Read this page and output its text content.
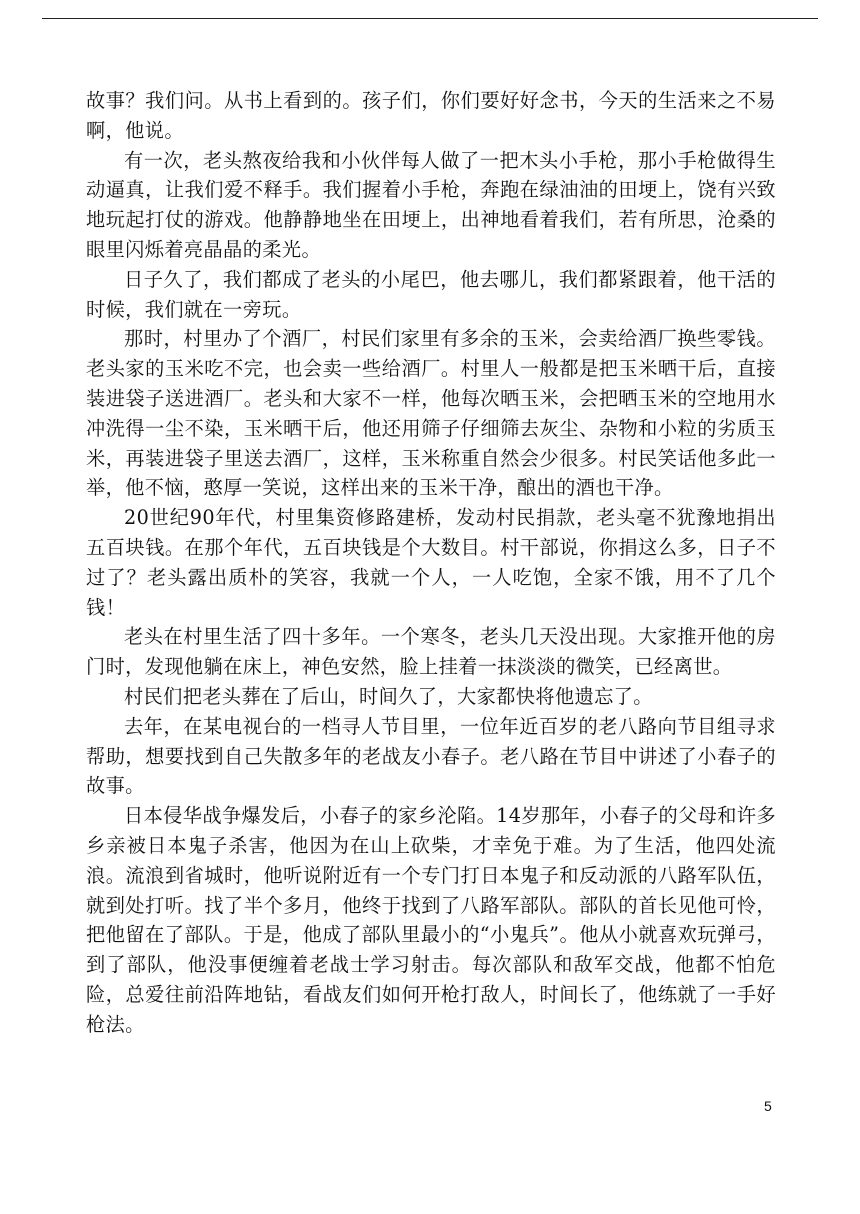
故事？我们问。从书上看到的。孩子们，你们要好好念书，今天的生活来之不易啊，他说。

有一次，老头熬夜给我和小伙伴每人做了一把木头小手枪，那小手枪做得生动逼真，让我们爱不释手。我们握着小手枪，奔跑在绿油油的田埂上，饶有兴致地玩起打仗的游戏。他静静地坐在田埂上，出神地看着我们，若有所思，沧桑的眼里闪烁着亮晶晶的柔光。

日子久了，我们都成了老头的小尾巴，他去哪儿，我们都紧跟着，他干活的时候，我们就在一旁玩。

那时，村里办了个酒厂，村民们家里有多余的玉米，会卖给酒厂换些零钱。老头家的玉米吃不完，也会卖一些给酒厂。村里人一般都是把玉米晒干后，直接装进袋子送进酒厂。老头和大家不一样，他每次晒玉米，会把晒玉米的空地用水冲洗得一尘不染，玉米晒干后，他还用筛子仔细筛去灰尘、杂物和小粒的劣质玉米，再装进袋子里送去酒厂，这样，玉米称重自然会少很多。村民笑话他多此一举，他不恼，憨厚一笑说，这样出来的玉米干净，酿出的酒也干净。

20世纪90年代，村里集资修路建桥，发动村民捐款，老头毫不犹豫地捐出五百块钱。在那个年代，五百块钱是个大数目。村干部说，你捐这么多，日子不过了？老头露出质朴的笑容，我就一个人，一人吃饱，全家不饿，用不了几个钱！

老头在村里生活了四十多年。一个寒冬，老头几天没出现。大家推开他的房门时，发现他躺在床上，神色安然，脸上挂着一抹淡淡的微笑，已经离世。

村民们把老头葬在了后山，时间久了，大家都快将他遗忘了。

去年，在某电视台的一档寻人节目里，一位年近百岁的老八路向节目组寻求帮助，想要找到自己失散多年的老战友小春子。老八路在节目中讲述了小春子的故事。

日本侵华战争爆发后，小春子的家乡沦陷。14岁那年，小春子的父母和许多乡亲被日本鬼子杀害，他因为在山上砍柴，才幸免于难。为了生活，他四处流浪。流浪到省城时，他听说附近有一个专门打日本鬼子和反动派的八路军队伍，就到处打听。找了半个多月，他终于找到了八路军部队。部队的首长见他可怜，把他留在了部队。于是，他成了部队里最小的“小鬼兵”。他从小就喜欢玩弹弓，到了部队，他没事便缠着老战士学习射击。每次部队和敌军交战，他都不怕危险，总爱往前沿阵地钻，看战友们如何开枪打敌人，时间长了，他练就了一手好枪法。

5
